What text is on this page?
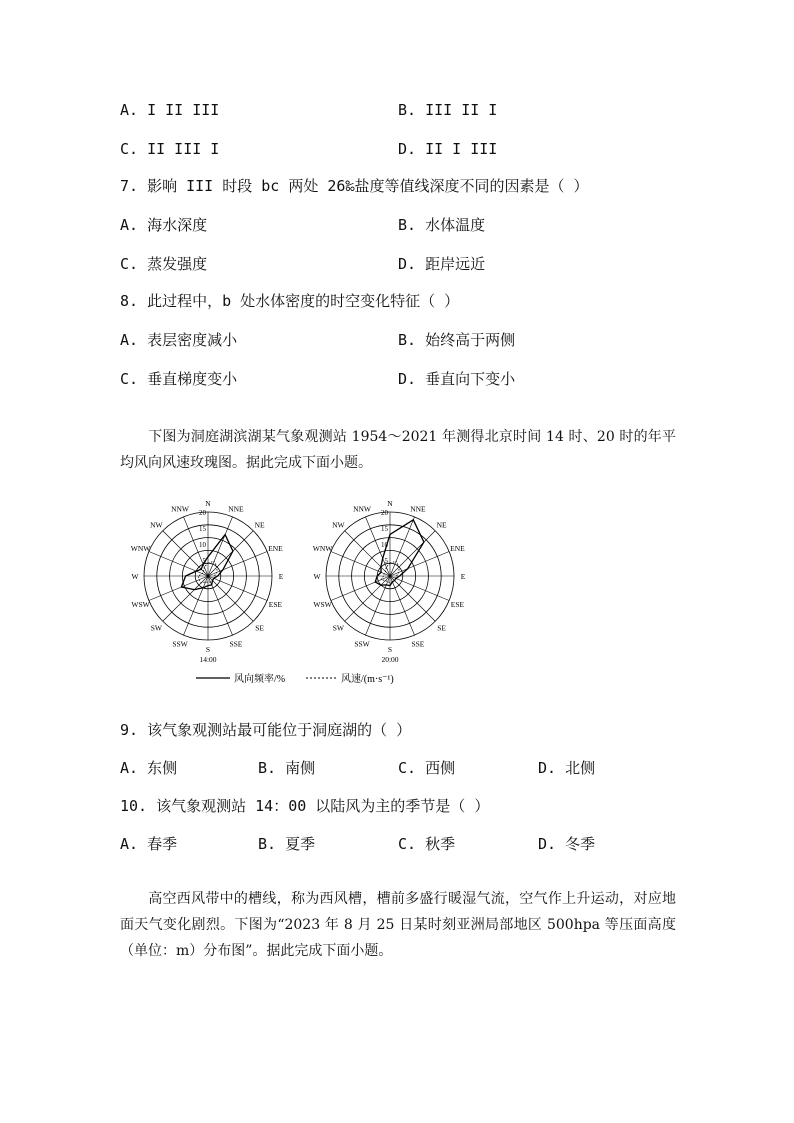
A. I II III	B. III II I
C. II III I	D. II I III
7. 影响 III 时段 bc 两处 26‰盐度等值线深度不同的因素是（ ）
A. 海水深度	B. 水体温度
C. 蒸发强度	D. 距岸远近
8. 此过程中，b 处水体密度的时空变化特征（ ）
A. 表层密度减小	B. 始终高于两侧
C. 垂直梯度变小	D. 垂直向下变小
下图为洞庭湖滨湖某气象观测站 1954～2021 年测得北京时间 14 时、20 时的年平均风向风速玫瑰图。据此完成下面小题。
N
NNE
NE
ENE
E
ESE
SE
SSE
S
SSW
SW
WSW
W
WNW
NW
NNW 20
15
10
5
14:00
N
NNE
NE
ENE
E
ESE
SE
SSE
S
SSW
SW
WSW
W
WNW
NW
NNW 20
15
10
5
20:00
风向频率/%	风速/(m·s⁻¹)
9. 该气象观测站最可能位于洞庭湖的（ ）
A. 东侧	B. 南侧	C. 西侧	D. 北侧
10. 该气象观测站 14：00 以陆风为主的季节是（ ）
A. 春季	B. 夏季	C. 秋季	D. 冬季
高空西风带中的槽线，称为西风槽，槽前多盛行暖湿气流，空气作上升运动，对应地面天气变化剧烈。下图为“2023 年 8 月 25 日某时刻亚洲局部地区 500hpa 等压面高度（单位：m）分布图”。据此完成下面小题。
